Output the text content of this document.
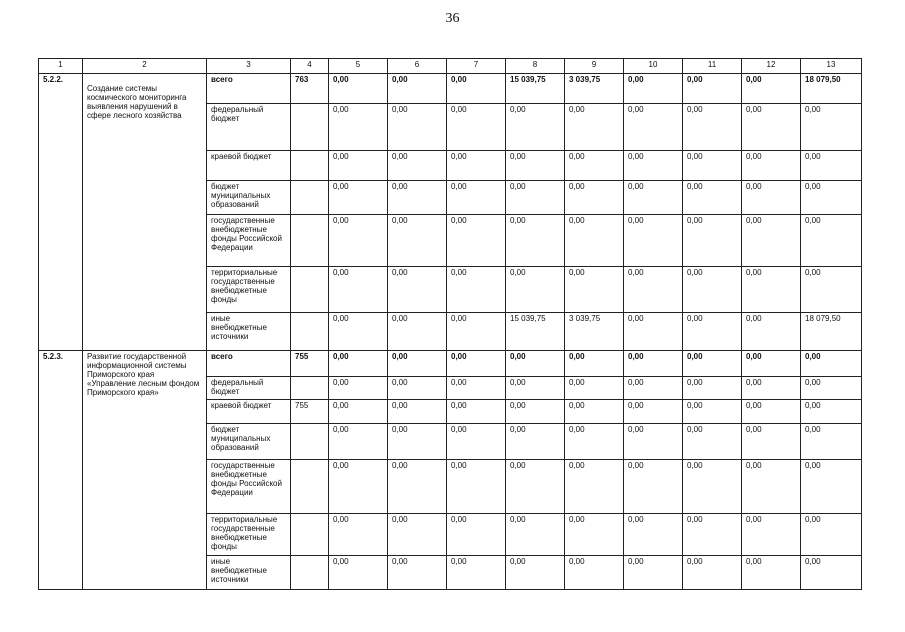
36
1	2	3	4	5	6	7	8	9	10	11	12	13
5.2.2.	Создание системы космического мониторинга выявления нарушений в сфере лесного хозяйства	всего	763	0,00	0,00	0,00	15 039,75	3 039,75	0,00	0,00	0,00	18 079,50
		федеральный бюджет		0,00	0,00	0,00	0,00	0,00	0,00	0,00	0,00	0,00
		краевой бюджет		0,00	0,00	0,00	0,00	0,00	0,00	0,00	0,00	0,00
		бюджет муниципальных образований		0,00	0,00	0,00	0,00	0,00	0,00	0,00	0,00	0,00
		государственные внебюджетные фонды Российской Федерации		0,00	0,00	0,00	0,00	0,00	0,00	0,00	0,00	0,00
		территориальные государственные внебюджетные фонды		0,00	0,00	0,00	0,00	0,00	0,00	0,00	0,00	0,00
		иные внебюджетные источники		0,00	0,00	0,00	15 039,75	3 039,75	0,00	0,00	0,00	18 079,50
5.2.3.	Развитие государственной информационной системы Приморского края «Управление лесным фондом Приморского края»	всего	755	0,00	0,00	0,00	0,00	0,00	0,00	0,00	0,00	0,00
		федеральный бюджет		0,00	0,00	0,00	0,00	0,00	0,00	0,00	0,00	0,00
		краевой бюджет	755	0,00	0,00	0,00	0,00	0,00	0,00	0,00	0,00	0,00
		бюджет муниципальных образований		0,00	0,00	0,00	0,00	0,00	0,00	0,00	0,00	0,00
		государственные внебюджетные фонды Российской Федерации		0,00	0,00	0,00	0,00	0,00	0,00	0,00	0,00	0,00
		территориальные государственные внебюджетные фонды		0,00	0,00	0,00	0,00	0,00	0,00	0,00	0,00	0,00
		иные внебюджетные источники		0,00	0,00	0,00	0,00	0,00	0,00	0,00	0,00	0,00
